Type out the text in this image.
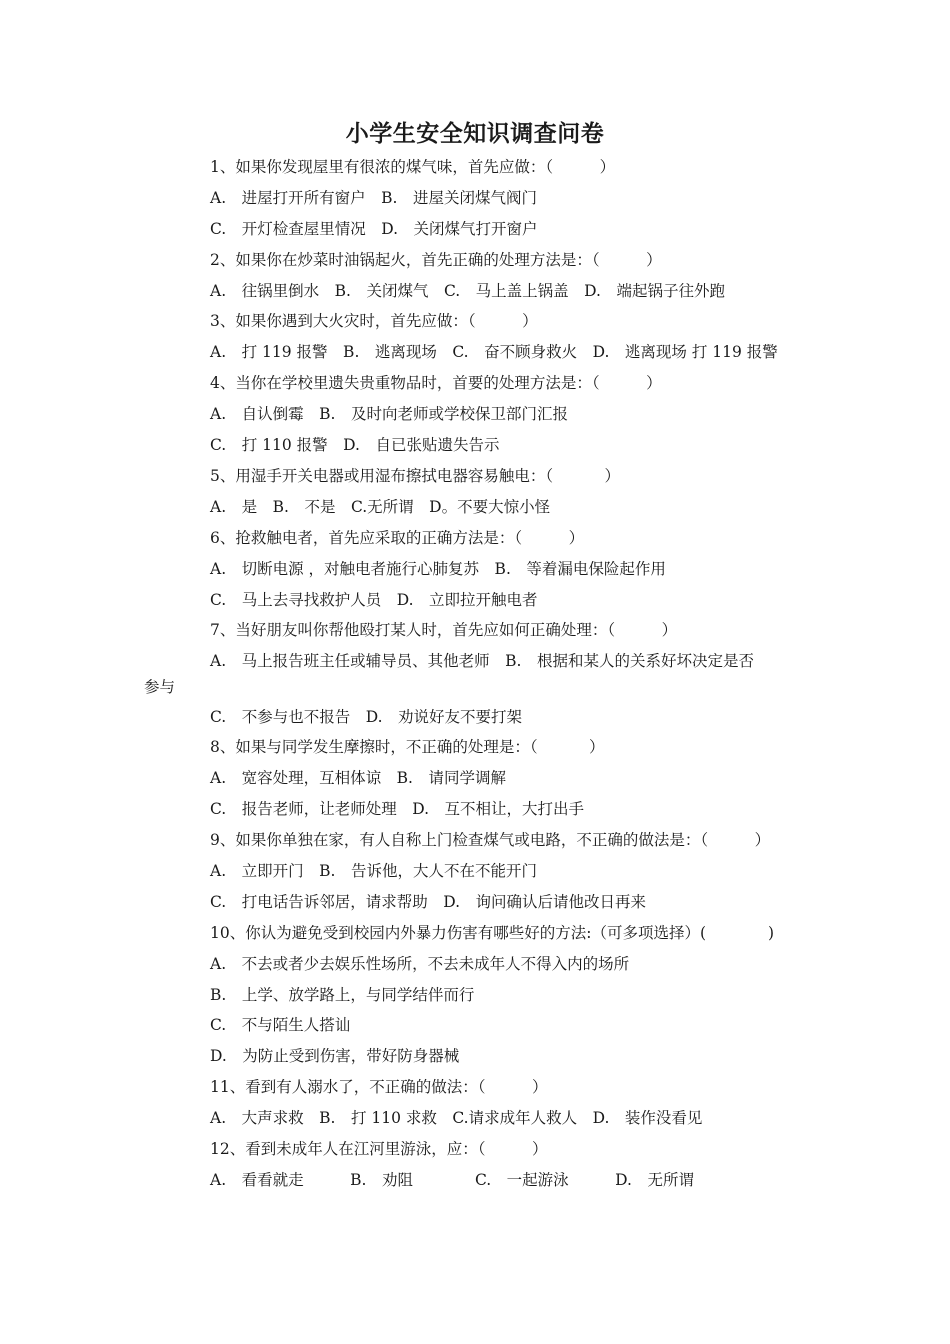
小学生安全知识调查问卷
1、如果你发现屋里有很浓的煤气味，首先应做：（　　　）
A.　进屋打开所有窗户　B.　进屋关闭煤气阀门
C.　开灯检查屋里情况　D.　关闭煤气打开窗户
2、如果你在炒菜时油锅起火，首先正确的处理方法是：（　　　）
A.　往锅里倒水　B.　关闭煤气　C.　马上盖上锅盖　D.　端起锅子往外跑
3、如果你遇到大火灾时，首先应做：（　　　）
A.　打 119 报警　B.　逃离现场　C.　奋不顾身救火　D.　逃离现场 打 119 报警
4、当你在学校里遗失贵重物品时，首要的处理方法是：（　　　）
A.　自认倒霉　B.　及时向老师或学校保卫部门汇报
C.　打 110 报警　D.　自已张贴遗失告示
5、用湿手开关电器或用湿布擦拭电器容易触电：（　　　 ）
A.　是　B.　不是　C.无所谓　D。不要大惊小怪
6、抢救触电者，首先应采取的正确方法是：（　　　）
A.　切断电源 ，对触电者施行心肺复苏　B.　等着漏电保险起作用
C.　马上去寻找救护人员　D.　立即拉开触电者
7、当好朋友叫你帮他殴打某人时，首先应如何正确处理：（　　　）
A.　马上报告班主任或辅导员、其他老师　B.　根据和某人的关系好坏决定是否
参与
C.　不参与也不报告　D.　劝说好友不要打架
8、如果与同学发生摩擦时，不正确的处理是：（　　　 ）
A.　宽容处理，互相体谅　B.　请同学调解
C.　报告老师，让老师处理　D.　互不相让，大打出手
9、如果你单独在家，有人自称上门检查煤气或电路，不正确的做法是：（　　　）
A.　立即开门　B.　告诉他，大人不在不能开门
C.　打电话告诉邻居，请求帮助　D.　询问确认后请他改日再来
10、你认为避免受到校园内外暴力伤害有哪些好的方法:（可多项选择）(　　　　)
A.　不去或者少去娱乐性场所，不去未成年人不得入内的场所
B.　上学、放学路上，与同学结伴而行
C.　不与陌生人搭讪
D.　为防止受到伤害，带好防身器械
11、看到有人溺水了，不正确的做法：（　　　）
A.　大声求救　B.　打 110 求救　C.请求成年人救人　D.　装作没看见
12、看到未成年人在江河里游泳，应：（　　　）
A.　看看就走　　　B.　劝阻　　　　C.　一起游泳　　　D.　无所谓
